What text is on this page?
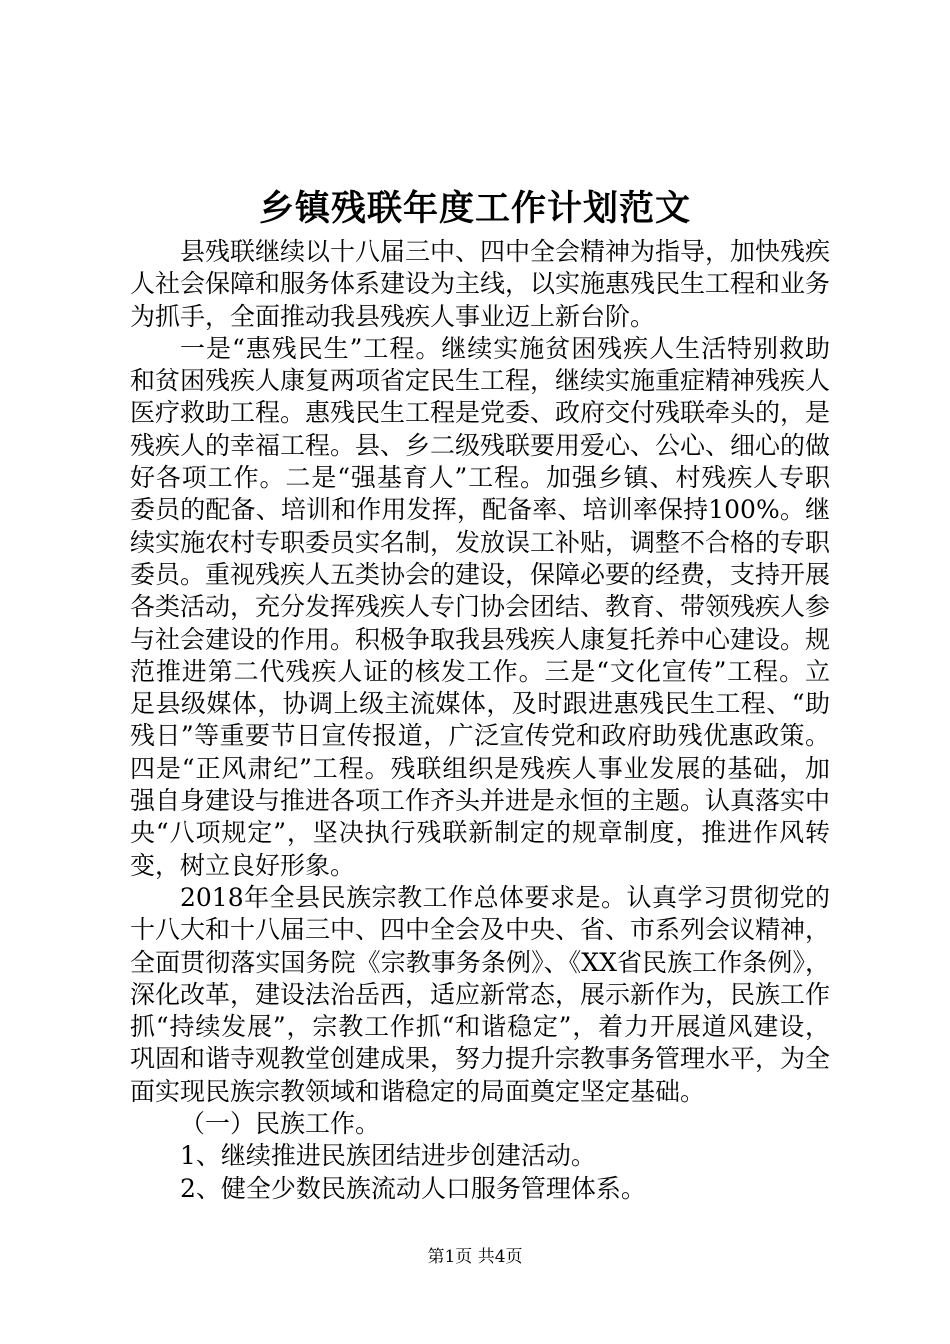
乡镇残联年度工作计划范文

县残联继续以十八届三中、四中全会精神为指导，加快残疾人社会保障和服务体系建设为主线，以实施惠残民生工程和业务为抓手，全面推动我县残疾人事业迈上新台阶。

一是“惠残民生”工程。继续实施贫困残疾人生活特别救助和贫困残疾人康复两项省定民生工程，继续实施重症精神残疾人医疗救助工程。惠残民生工程是党委、政府交付残联牵头的，是残疾人的幸福工程。县、乡二级残联要用爱心、公心、细心的做好各项工作。二是“强基育人”工程。加强乡镇、村残疾人专职委员的配备、培训和作用发挥，配备率、培训率保持100%。继续实施农村专职委员实名制，发放误工补贴，调整不合格的专职委员。重视残疾人五类协会的建设，保障必要的经费，支持开展各类活动，充分发挥残疾人专门协会团结、教育、带领残疾人参与社会建设的作用。积极争取我县残疾人康复托养中心建设。规范推进第二代残疾人证的核发工作。三是“文化宣传”工程。立足县级媒体，协调上级主流媒体，及时跟进惠残民生工程、“助残日”等重要节日宣传报道，广泛宣传党和政府助残优惠政策。四是“正风肃纪”工程。残联组织是残疾人事业发展的基础，加强自身建设与推进各项工作齐头并进是永恒的主题。认真落实中央“八项规定”，坚决执行残联新制定的规章制度，推进作风转变，树立良好形象。

2018年全县民族宗教工作总体要求是。认真学习贯彻党的十八大和十八届三中、四中全会及中央、省、市系列会议精神，全面贯彻落实国务院《宗教事务条例》、《XX省民族工作条例》，深化改革，建设法治岳西，适应新常态，展示新作为，民族工作抓“持续发展”，宗教工作抓“和谐稳定”，着力开展道风建设，巩固和谐寺观教堂创建成果，努力提升宗教事务管理水平，为全面实现民族宗教领域和谐稳定的局面奠定坚定基础。

（一）民族工作。

1、继续推进民族团结进步创建活动。

2、健全少数民族流动人口服务管理体系。

第1页 共4页
